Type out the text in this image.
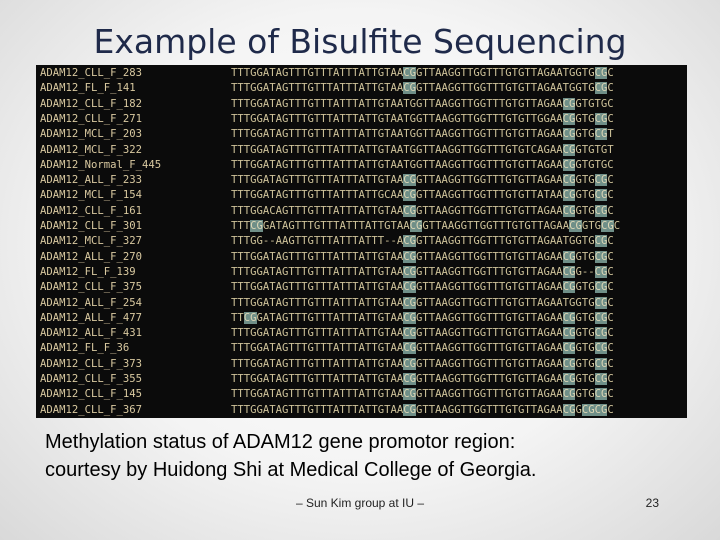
Example of Bisulfite Sequencing
ADAM12_CLL_F_283	TTTGGATAGTTTGTTTATTTATTGTAACGGTTAAGGTTGGTTTGTGTTAGAATGGTGCGC
ADAM12_FL_F_141	TTTGGATAGTTTGTTTATTTATTGTAACGGTTAAGGTTGGTTTGTGTTAGAATGGTGCGC
ADAM12_CLL_F_182	TTTGGATAGTTTGTTTATTTATTGTAATGGTTAAGGTTGGTTTGTGTTAGAACGGTGTGC
ADAM12_CLL_F_271	TTTGGATAGTTTGTTTATTTATTGTAATGGTTAAGGTTGGTTTGTGTTGGAACGGTGCGC
ADAM12_MCL_F_203	TTTGGATAGTTTGTTTATTTATTGTAATGGTTAAGGTTGGTTTGTGTTAGAACGGTGCGT
ADAM12_MCL_F_322	TTTGGATAGTTTGTTTATTTATTGTAATGGTTAAGGTTGGTTTGTGTCAGAACGGTGTGT
ADAM12_Normal_F_445	TTTGGATAGTTTGTTTATTTATTGTAATGGTTAAGGTTGGTTTGTGTTAGAACGGTGTGC
ADAM12_ALL_F_233	TTTGGATAGTTTGTTTATTTATTGTAACGGTTAAGGTTGGTTTGTGTTAGAACGGTGCGC
ADAM12_MCL_F_154	TTTGGATAGTTTGTTTATTTATTGCAACGGTTAAGGTTGGTTTGTGTTATAACGGTGCGC
ADAM12_CLL_F_161	TTTGGACAGTTTGTTTATTTATTGTAACGGTTAAGGTTGGTTTGTGTTAGAACGGTGCGC
ADAM12_CLL_F_301	TTTCGGATAGTTTGTTTATTTATTGTAACGGTTAAGGTTGGTTTGTGTTAGAACGGTGCGC
ADAM12_MCL_F_327	TTTGG--AAGTTGTTTATTTATTT--ACGGTTAAGGTTGGTTTGTGTTAGAATGGTGCGC
ADAM12_ALL_F_270	TTTGGATAGTTTGTTTATTTATTGTAACGGTTAAGGTTGGTTTGTGTTAGAACGGTGCGC
ADAM12_FL_F_139	TTTGGATAGTTTGTTTATTTATTGTAACGGTTAAGGTTGGTTTGTGTTAGAACGG--CGC
ADAM12_CLL_F_375	TTTGGATAGTTTGTTTATTTATTGTAACGGTTAAGGTTGGTTTGTGTTAGAACGGTGCGC
ADAM12_ALL_F_254	TTTGGATAGTTTGTTTATTTATTGTAACGGTTAAGGTTGGTTTGTGTTAGAATGGTGCGC
ADAM12_ALL_F_477	TTCGGATAGTTTGTTTATTTATTGTAACGGTTAAGGTTGGTTTGTGTTAGAACGGTGCGC
ADAM12_ALL_F_431	TTTGGATAGTTTGTTTATTTATTGTAACGGTTAAGGTTGGTTTGTGTTAGAACGGTGCGC
ADAM12_FL_F_36	TTTGGATAGTTTGTTTATTTATTGTAACGGTTAAGGTTGGTTTGTGTTAGAACGGTGCGC
ADAM12_CLL_F_373	TTTGGATAGTTTGTTTATTTATTGTAACGGTTAAGGTTGGTTTGTGTTAGAACGGTGCGC
ADAM12_CLL_F_355	TTTGGATAGTTTGTTTATTTATTGTAACGGTTAAGGTTGGTTTGTGTTAGAACGGTGCGC
ADAM12_CLL_F_145	TTTGGATAGTTTGTTTATTTATTGTAACGGTTAAGGTTGGTTTGTGTTAGAACGGTGCGC
ADAM12_CLL_F_367	TTTGGATAGTTTGTTTATTTATTGTAACGGTTAAGGTTGGTTTGTGTTAGAACGGCGCGC
Methylation status of ADAM12 gene promotor region:
courtesy by Huidong Shi at Medical College of Georgia.
– Sun Kim group at IU –	23
